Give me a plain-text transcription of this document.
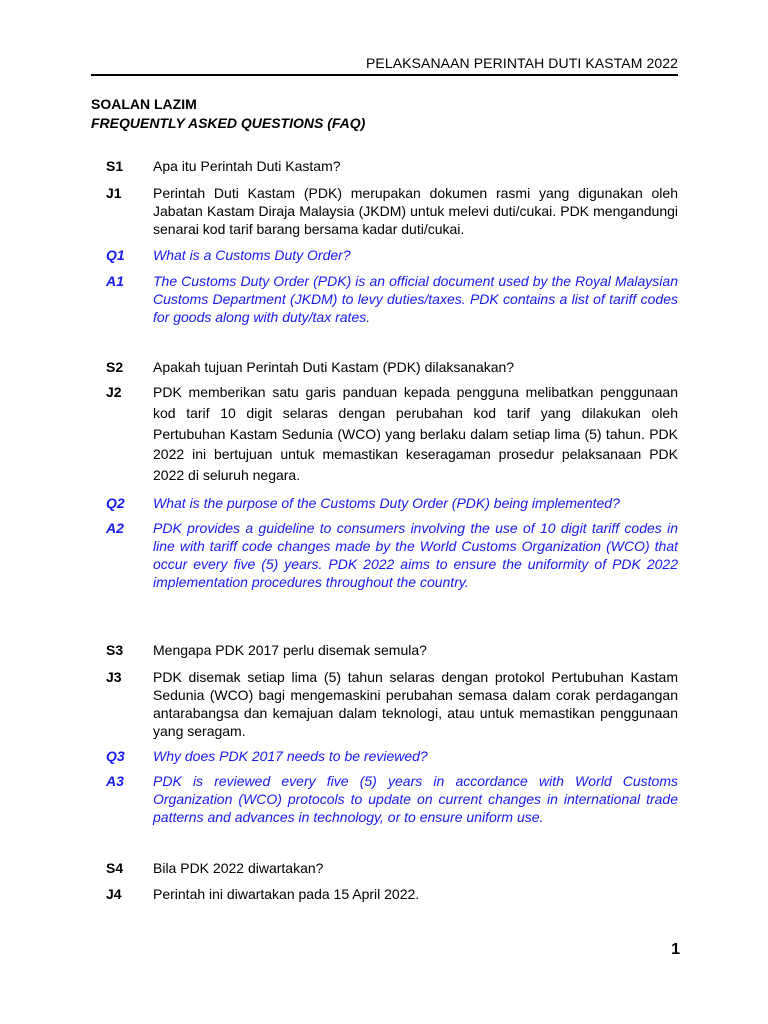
PELAKSANAAN PERINTAH DUTI KASTAM 2022
SOALAN LAZIM
FREQUENTLY ASKED QUESTIONS (FAQ)
S1	Apa itu Perintah Duti Kastam?
J1	Perintah Duti Kastam (PDK) merupakan dokumen rasmi yang digunakan oleh Jabatan Kastam Diraja Malaysia (JKDM) untuk melevi duti/cukai. PDK mengandungi senarai kod tarif barang bersama kadar duti/cukai.
Q1	What is a Customs Duty Order?
A1	The Customs Duty Order (PDK) is an official document used by the Royal Malaysian Customs Department (JKDM) to levy duties/taxes. PDK contains a list of tariff codes for goods along with duty/tax rates.
S2	Apakah tujuan Perintah Duti Kastam (PDK) dilaksanakan?
J2	PDK memberikan satu garis panduan kepada pengguna melibatkan penggunaan kod tarif 10 digit selaras dengan perubahan kod tarif yang dilakukan oleh Pertubuhan Kastam Sedunia (WCO) yang berlaku dalam setiap lima (5) tahun. PDK 2022 ini bertujuan untuk memastikan keseragaman prosedur pelaksanaan PDK 2022 di seluruh negara.
Q2	What is the purpose of the Customs Duty Order (PDK) being implemented?
A2	PDK provides a guideline to consumers involving the use of 10 digit tariff codes in line with tariff code changes made by the World Customs Organization (WCO) that occur every five (5) years. PDK 2022 aims to ensure the uniformity of PDK 2022 implementation procedures throughout the country.
S3	Mengapa PDK 2017 perlu disemak semula?
J3	PDK disemak setiap lima (5) tahun selaras dengan protokol Pertubuhan Kastam Sedunia (WCO) bagi mengemaskini perubahan semasa dalam corak perdagangan antarabangsa dan kemajuan dalam teknologi, atau untuk memastikan penggunaan yang seragam.
Q3	Why does PDK 2017 needs to be reviewed?
A3	PDK is reviewed every five (5) years in accordance with World Customs Organization (WCO) protocols to update on current changes in international trade patterns and advances in technology, or to ensure uniform use.
S4	Bila PDK 2022 diwartakan?
J4	Perintah ini diwartakan pada 15 April 2022.
1
